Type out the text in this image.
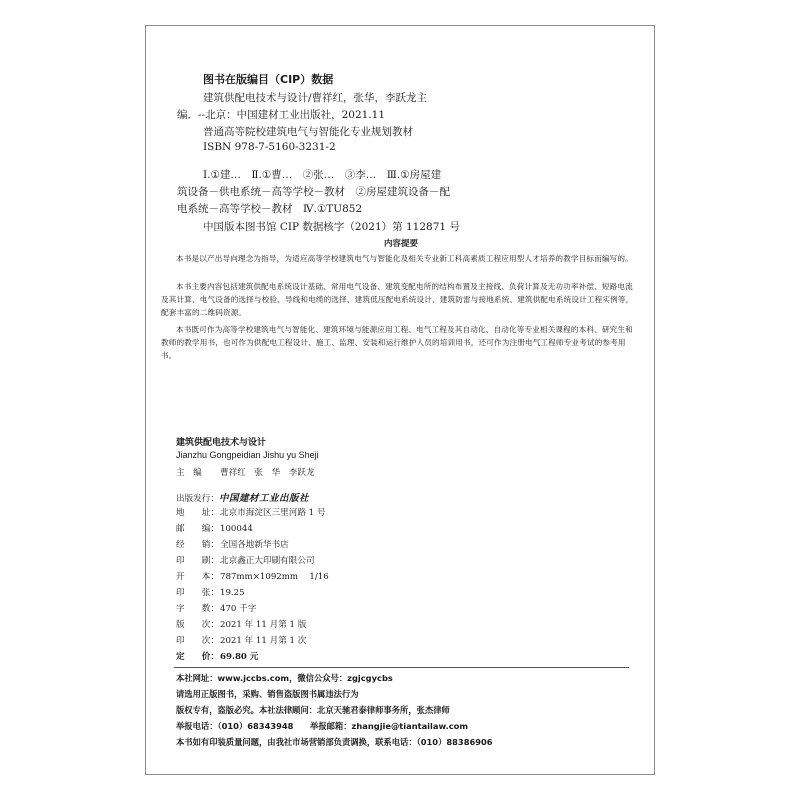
图书在版编目（CIP）数据
建筑供配电技术与设计/曹祥红，张华，李跃龙主
编．--北京：中国建材工业出版社，2021.11
普通高等院校建筑电气与智能化专业规划教材
ISBN 978-7-5160-3231-2
Ⅰ.①建…　Ⅱ.①曹…　②张…　③李…　Ⅲ.①房屋建
筑设备－供电系统－高等学校－教材　②房屋建筑设备－配
电系统－高等学校－教材　Ⅳ.①TU852
中国版本图书馆 CIP 数据核字（2021）第 112871 号
内容提要
本书是以产出导向理念为指导，为适应高等学校建筑电气与智能化及相关专业新工科高素质工程应用型人才培养的教学目标而编写的。
本书主要内容包括建筑供配电系统设计基础、常用电气设备、建筑变配电所的结构布置及主接线、负荷计算及无功功率补偿、短路电流及其计算、电气设备的选择与校验、导线和电缆的选择、建筑低压配电系统设计、建筑防雷与接地系统、建筑供配电系统设计工程实例等，配套丰富的二维码资源。
本书既可作为高等学校建筑电气与智能化、建筑环境与能源应用工程、电气工程及其自动化、自动化等专业相关课程的本科、研究生和教师的教学用书，也可作为供配电工程设计、施工、监理、安装和运行维护人员的培训用书，还可作为注册电气工程师专业考试的参考用书。
建筑供配电技术与设计
Jianzhu Gongpeidian Jishu yu Sheji
主　编 曹祥红　张　华　李跃龙
出版发行：中国建材工业出版社
地　　址：北京市海淀区三里河路 1 号
邮　　编：100044
经　　销：全国各地新华书店
印　　刷：北京鑫正大印刷有限公司
开　　本：787mm×1092mm　 1/16
印　　张：19.25
字　　数：470 千字
版　　次：2021 年 11 月第 1 版
印　　次：2021 年 11 月第 1 次
定　　价：69.80 元
本社网址：www.jccbs.com，微信公众号：zgjcgycbs
请选用正版图书，采购、销售盗版图书属违法行为
版权专有，盗版必究。本社法律顾问：北京天驰君泰律师事务所，张杰律师
举报电话：（010）68343948　　举报邮箱：zhangjie@tiantailaw.com
本书如有印装质量问题，由我社市场营销部负责调换，联系电话：（010）88386906
